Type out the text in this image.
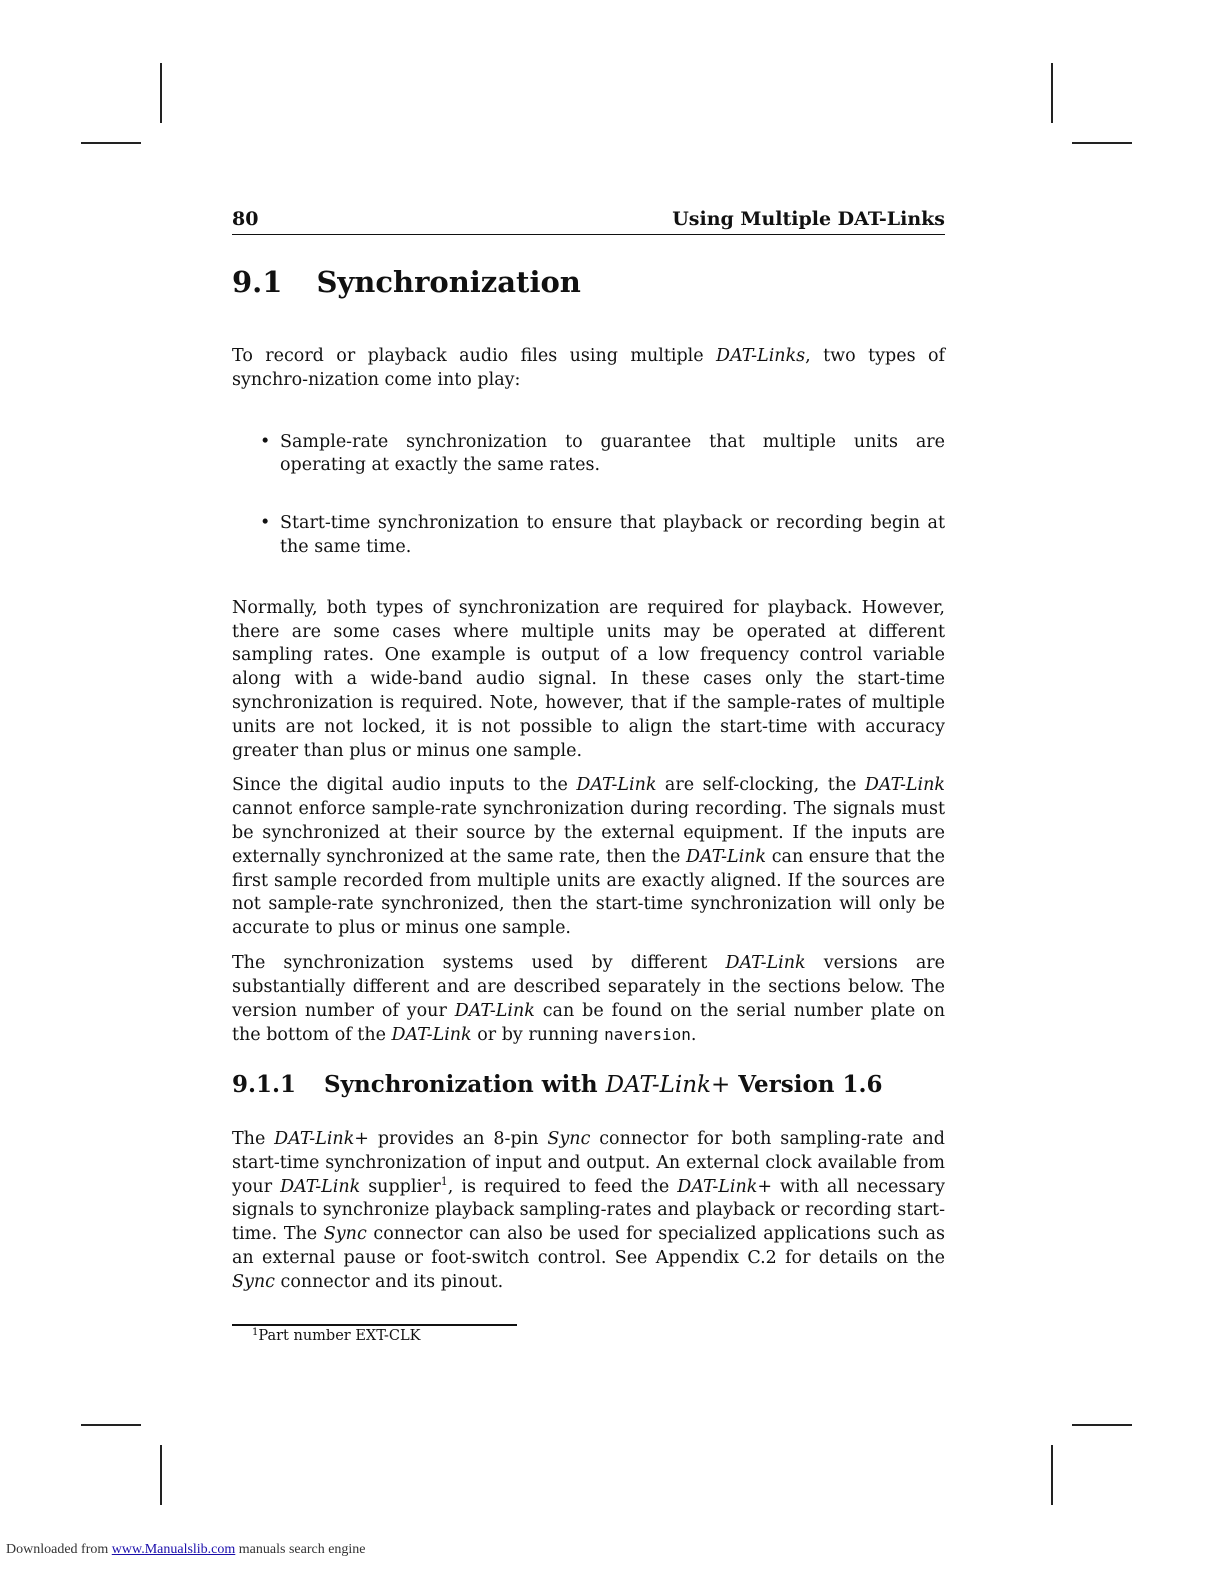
80	Using Multiple DAT-Links
9.1 Synchronization

To record or playback audio files using multiple DAT-Links, two types of synchro-nization come into play:

• Sample-rate synchronization to guarantee that multiple units are operating at exactly the same rates.
• Start-time synchronization to ensure that playback or recording begin at the same time.

Normally, both types of synchronization are required for playback. However, there are some cases where multiple units may be operated at different sampling rates. One example is output of a low frequency control variable along with a wide-band audio signal. In these cases only the start-time synchronization is required. Note, however, that if the sample-rates of multiple units are not locked, it is not possible to align the start-time with accuracy greater than plus or minus one sample.

Since the digital audio inputs to the DAT-Link are self-clocking, the DAT-Link cannot enforce sample-rate synchronization during recording. The signals must be synchronized at their source by the external equipment. If the inputs are externally synchronized at the same rate, then the DAT-Link can ensure that the first sample recorded from multiple units are exactly aligned. If the sources are not sample-rate synchronized, then the start-time synchronization will only be accurate to plus or minus one sample.

The synchronization systems used by different DAT-Link versions are substantially different and are described separately in the sections below. The version number of your DAT-Link can be found on the serial number plate on the bottom of the DAT-Link or by running naversion.

9.1.1 Synchronization with DAT-Link+ Version 1.6

The DAT-Link+ provides an 8-pin Sync connector for both sampling-rate and start-time synchronization of input and output. An external clock available from your DAT-Link supplier$^1$, is required to feed the DAT-Link+ with all necessary signals to synchronize playback sampling-rates and playback or recording start-time. The Sync connector can also be used for specialized applications such as an external pause or foot-switch control. See Appendix C.2 for details on the Sync connector and its pinout.

$^1$Part number EXT-CLK
Downloaded from www.Manualslib.com manuals search engine
